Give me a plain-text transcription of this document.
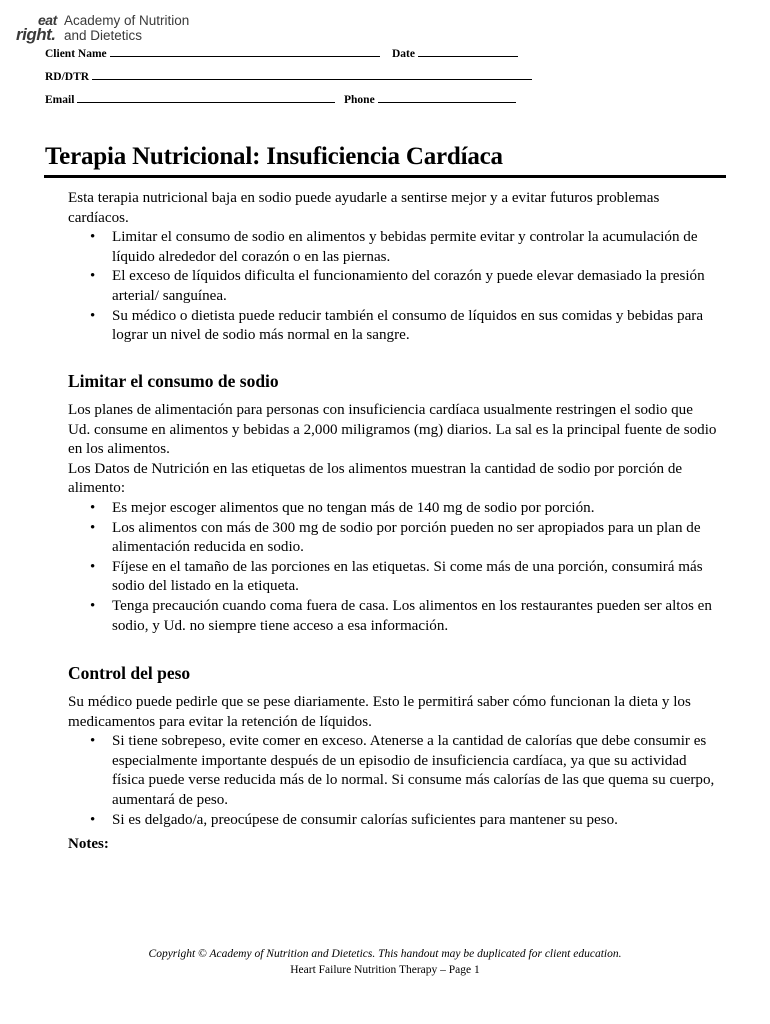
eat
right.
Academy of Nutrition
and Dietetics
Client Name	Date
RD/DTR
Email	Phone
Terapia Nutricional: Insuficiencia Cardíaca

Esta terapia nutricional baja en sodio puede ayudarle a sentirse mejor y a evitar futuros problemas cardíacos.

• Limitar el consumo de sodio en alimentos y bebidas permite evitar y controlar la acumulación de líquido alrededor del corazón o en las piernas.
• El exceso de líquidos dificulta el funcionamiento del corazón y puede elevar demasiado la presión arterial/ sanguínea.
• Su médico o dietista puede reducir también el consumo de líquidos en sus comidas y bebidas para lograr un nivel de sodio más normal en la sangre.
Limitar el consumo de sodio

Los planes de alimentación para personas con insuficiencia cardíaca usualmente restringen el sodio que Ud. consume en alimentos y bebidas a 2,000 miligramos (mg) diarios. La sal es la principal fuente de sodio en los alimentos.

Los Datos de Nutrición en las etiquetas de los alimentos muestran la cantidad de sodio por porción de alimento:

• Es mejor escoger alimentos que no tengan más de 140 mg de sodio por porción.
• Los alimentos con más de 300 mg de sodio por porción pueden no ser apropiados para un plan de alimentación reducida en sodio.
• Fíjese en el tamaño de las porciones en las etiquetas. Si come más de una porción, consumirá más sodio del listado en la etiqueta.
• Tenga precaución cuando coma fuera de casa. Los alimentos en los restaurantes pueden ser altos en sodio, y Ud. no siempre tiene acceso a esa información.
Control del peso

Su médico puede pedirle que se pese diariamente. Esto le permitirá saber cómo funcionan la dieta y los medicamentos para evitar la retención de líquidos.

• Si tiene sobrepeso, evite comer en exceso. Atenerse a la cantidad de calorías que debe consumir es especialmente importante después de un episodio de insuficiencia cardíaca, ya que su actividad física puede verse reducida más de lo normal. Si consume más calorías de las que quema su cuerpo, aumentará de peso.
• Si es delgado/a, preocúpese de consumir calorías suficientes para mantener su peso.
Notes:
Copyright © Academy of Nutrition and Dietetics. This handout may be duplicated for client education.
Heart Failure Nutrition Therapy – Page 1
